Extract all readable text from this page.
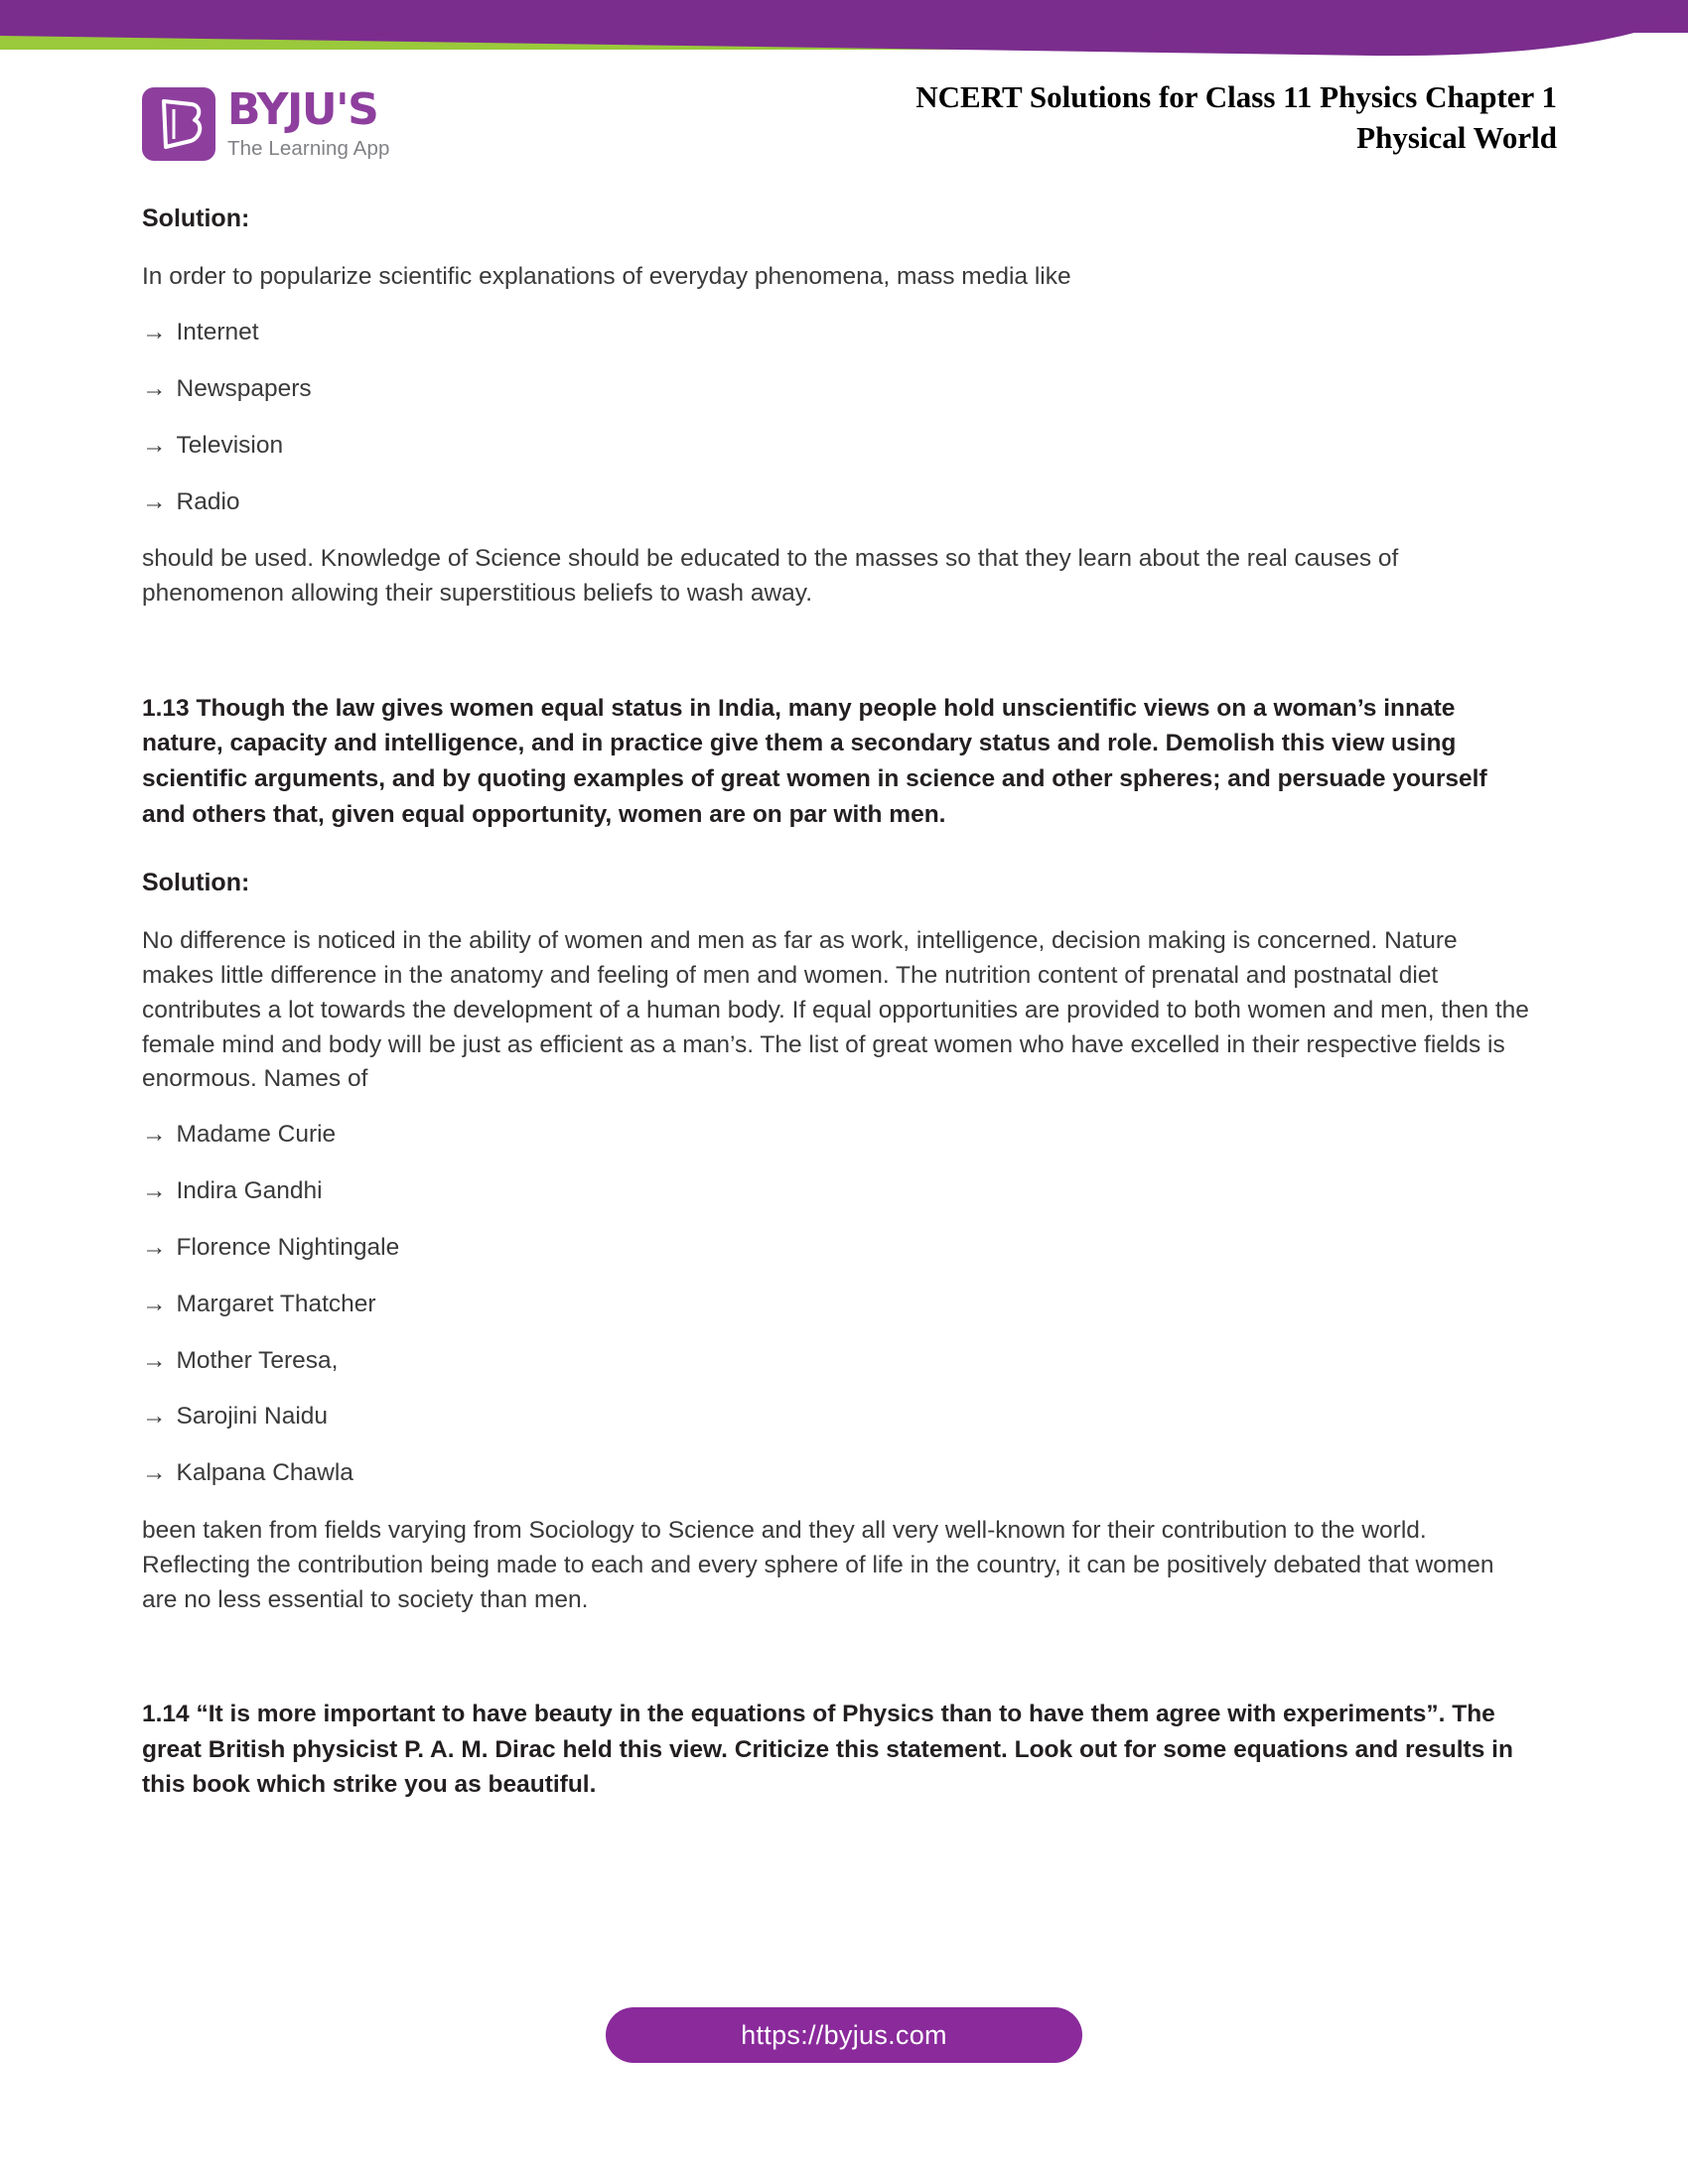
BYJU'S
The Learning App
NCERT Solutions for Class 11 Physics Chapter 1
Physical World

Solution:

In order to popularize scientific explanations of everyday phenomena, mass media like

→ Internet

→ Newspapers

→ Television

→ Radio

should be used. Knowledge of Science should be educated to the masses so that they learn about the real causes of phenomenon allowing their superstitious beliefs to wash away.

1.13 Though the law gives women equal status in India, many people hold unscientific views on a woman’s innate nature, capacity and intelligence, and in practice give them a secondary status and role. Demolish this view using scientific arguments, and by quoting examples of great women in science and other spheres; and persuade yourself and others that, given equal opportunity, women are on par with men.

Solution:

No difference is noticed in the ability of women and men as far as work, intelligence, decision making is concerned. Nature makes little difference in the anatomy and feeling of men and women. The nutrition content of prenatal and postnatal diet contributes a lot towards the development of a human body. If equal opportunities are provided to both women and men, then the female mind and body will be just as efficient as a man’s. The list of great women who have excelled in their respective fields is enormous. Names of

→ Madame Curie

→ Indira Gandhi

→ Florence Nightingale

→ Margaret Thatcher

→ Mother Teresa,

→ Sarojini Naidu

→ Kalpana Chawla

been taken from fields varying from Sociology to Science and they all very well-known for their contribution to the world. Reflecting the contribution being made to each and every sphere of life in the country, it can be positively debated that women are no less essential to society than men.

1.14 “It is more important to have beauty in the equations of Physics than to have them agree with experiments”. The great British physicist P. A. M. Dirac held this view. Criticize this statement. Look out for some equations and results in this book which strike you as beautiful.

https://byjus.com
